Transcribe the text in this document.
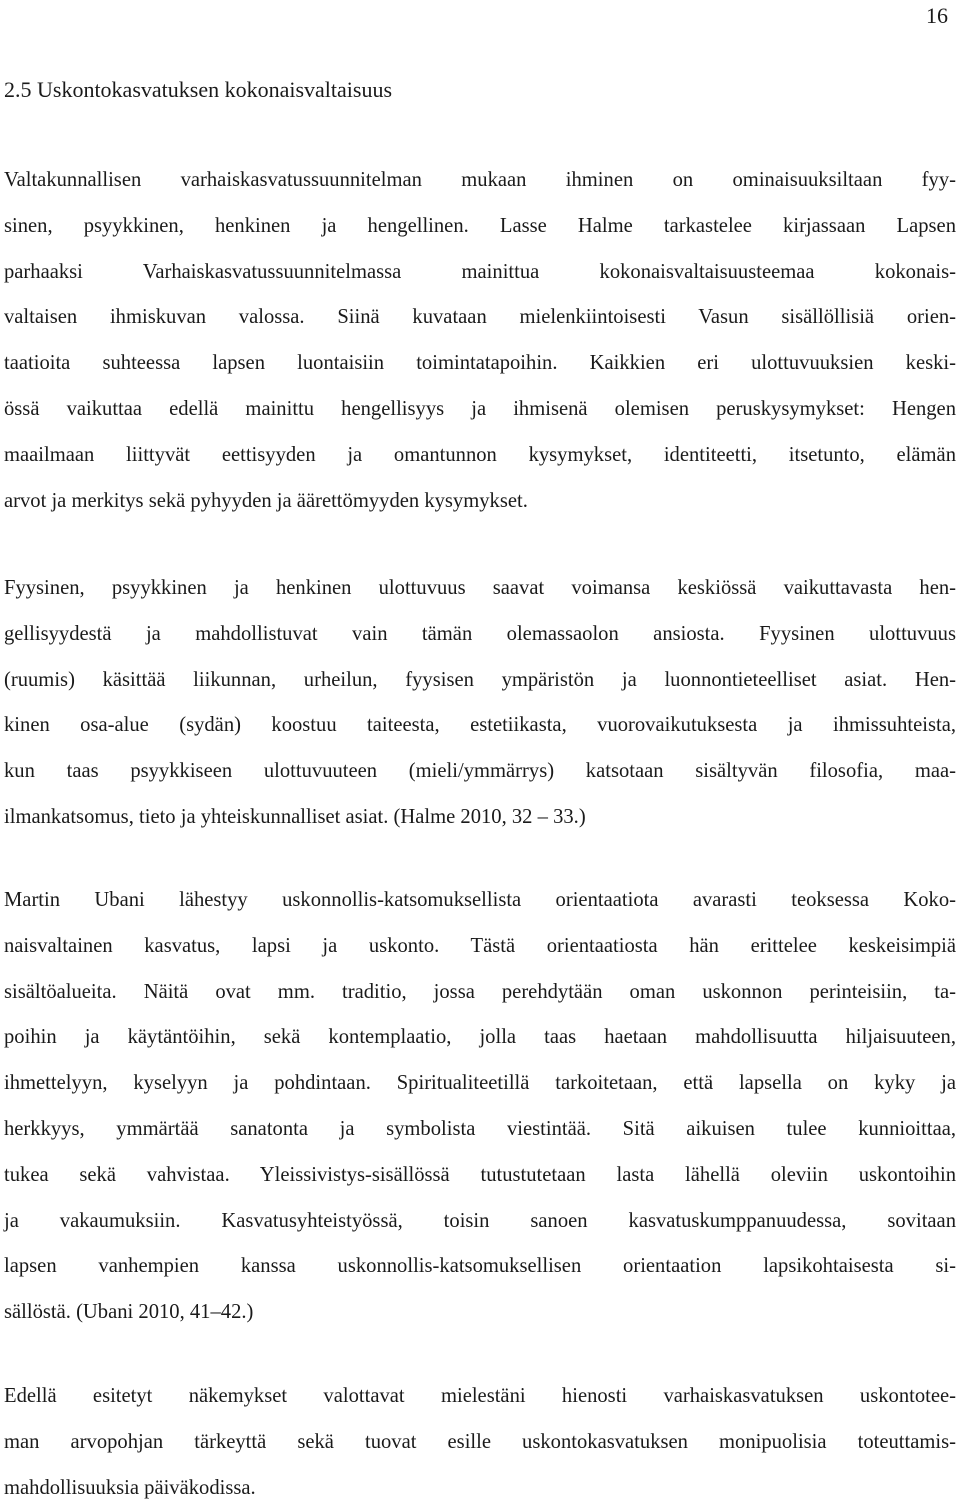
16
2.5 Uskontokasvatuksen kokonaisvaltaisuus

Valtakunnallisen varhaiskasvatussuunnitelman mukaan ihminen on ominaisuuksiltaan fyy-
sinen, psyykkinen, henkinen ja hengellinen. Lasse Halme tarkastelee kirjassaan Lapsen
parhaaksi Varhaiskasvatussuunnitelmassa mainittua kokonaisvaltaisuusteemaa kokonais-
valtaisen ihmiskuvan valossa. Siinä kuvataan mielenkiintoisesti Vasun sisällöllisiä orien-
taatioita suhteessa lapsen luontaisiin toimintatapoihin. Kaikkien eri ulottuvuuksien keski-
össä vaikuttaa edellä mainittu hengellisyys ja ihmisenä olemisen peruskysymykset: Hengen
maailmaan liittyvät eettisyyden ja omantunnon kysymykset, identiteetti, itsetunto, elämän
arvot ja merkitys sekä pyhyyden ja äärettömyyden kysymykset.

Fyysinen, psyykkinen ja henkinen ulottuvuus saavat voimansa keskiössä vaikuttavasta hen-
gellisyydestä ja mahdollistuvat vain tämän olemassaolon ansiosta. Fyysinen ulottuvuus
(ruumis) käsittää liikunnan, urheilun, fyysisen ympäristön ja luonnontieteelliset asiat. Hen-
kinen osa-alue (sydän) koostuu taiteesta, estetiikasta, vuorovaikutuksesta ja ihmissuhteista,
kun taas psyykkiseen ulottuvuuteen (mieli/ymmärrys) katsotaan sisältyvän filosofia, maa-
ilmankatsomus, tieto ja yhteiskunnalliset asiat. (Halme 2010, 32 – 33.)

Martin Ubani lähestyy uskonnollis-katsomuksellista orientaatiota avarasti teoksessa Koko-
naisvaltainen kasvatus, lapsi ja uskonto. Tästä orientaatiosta hän erittelee keskeisimpiä
sisältöalueita. Näitä ovat mm. traditio, jossa perehdytään oman uskonnon perinteisiin, ta-
poihin ja käytäntöihin, sekä kontemplaatio, jolla taas haetaan mahdollisuutta hiljaisuuteen,
ihmettelyyn, kyselyyn ja pohdintaan. Spiritualiteetillä tarkoitetaan, että lapsella on kyky ja
herkkyys, ymmärtää sanatonta ja symbolista viestintää. Sitä aikuisen tulee kunnioittaa,
tukea sekä vahvistaa. Yleissivistys-sisällössä tutustutetaan lasta lähellä oleviin uskontoihin
ja vakaumuksiin. Kasvatusyhteistyössä, toisin sanoen kasvatuskumppanuudessa, sovitaan
lapsen vanhempien kanssa uskonnollis-katsomuksellisen orientaation lapsikohtaisesta si-
sällöstä. (Ubani 2010, 41–42.)

Edellä esitetyt näkemykset valottavat mielestäni hienosti varhaiskasvatuksen uskontotee-
man arvopohjan tärkeyttä sekä tuovat esille uskontokasvatuksen monipuolisia toteuttamis-
mahdollisuuksia päiväkodissa.
